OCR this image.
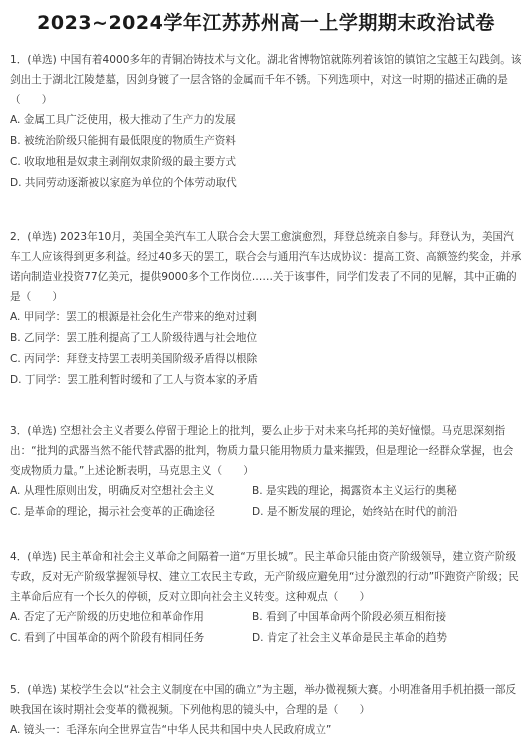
2023~2024学年江苏苏州高一上学期期末政治试卷

1．(单选) 中国有着4000多年的青铜冶铸技术与文化。湖北省博物馆就陈列着该馆的镇馆之宝越王勾践剑。该剑出土于湖北江陵楚墓，因剑身镀了一层含铬的金属而千年不锈。下列选项中，对这一时期的描述正确的是（　　）

A. 金属工具广泛使用，极大推动了生产力的发展
B. 被统治阶级只能拥有最低限度的物质生产资料
C. 收取地租是奴隶主剥削奴隶阶级的最主要方式
D. 共同劳动逐渐被以家庭为单位的个体劳动取代

2．(单选) 2023年10月，美国全美汽车工人联合会大罢工愈演愈烈，拜登总统亲自参与。拜登认为，美国汽车工人应该得到更多利益。经过40多天的罢工，联合会与通用汽车达成协议：提高工资、高额签约奖金，并承诺向制造业投资77亿美元，提供9000多个工作岗位……关于该事件，同学们发表了不同的见解，其中正确的是（　　）

A. 甲同学：罢工的根源是社会化生产带来的绝对过剩
B. 乙同学：罢工胜利提高了工人阶级待遇与社会地位
C. 丙同学：拜登支持罢工表明美国阶级矛盾得以根除
D. 丁同学：罢工胜利暂时缓和了工人与资本家的矛盾

3．(单选) 空想社会主义者要么停留于理论上的批判，要么止步于对未来乌托邦的美好憧憬。马克思深刻指出：“批判的武器当然不能代替武器的批判，物质力量只能用物质力量来摧毁，但是理论一经群众掌握，也会变成物质力量。”上述论断表明，马克思主义（　　）

A. 从理性原则出发，明确反对空想社会主义	B. 是实践的理论，揭露资本主义运行的奥秘
C. 是革命的理论，揭示社会变革的正确途径	D. 是不断发展的理论，始终站在时代的前沿

4．(单选) 民主革命和社会主义革命之间隔着一道“万里长城”。民主革命只能由资产阶级领导，建立资产阶级专政，反对无产阶级掌握领导权、建立工农民主专政，无产阶级应避免用“过分激烈的行动”吓跑资产阶级；民主革命后应有一个长久的停顿，反对立即向社会主义转变。这种观点（　　）

A. 否定了无产阶级的历史地位和革命作用	B. 看到了中国革命两个阶段必须互相衔接
C. 看到了中国革命的两个阶段有相同任务	D. 肯定了社会主义革命是民主革命的趋势

5．(单选) 某校学生会以“社会主义制度在中国的确立”为主题，举办微视频大赛。小明准备用手机拍摄一部反映我国在该时期社会变革的微视频。下列他构思的镜头中，合理的是（　　）

A. 镜头一：毛泽东向全世界宣告“中华人民共和国中央人民政府成立”
